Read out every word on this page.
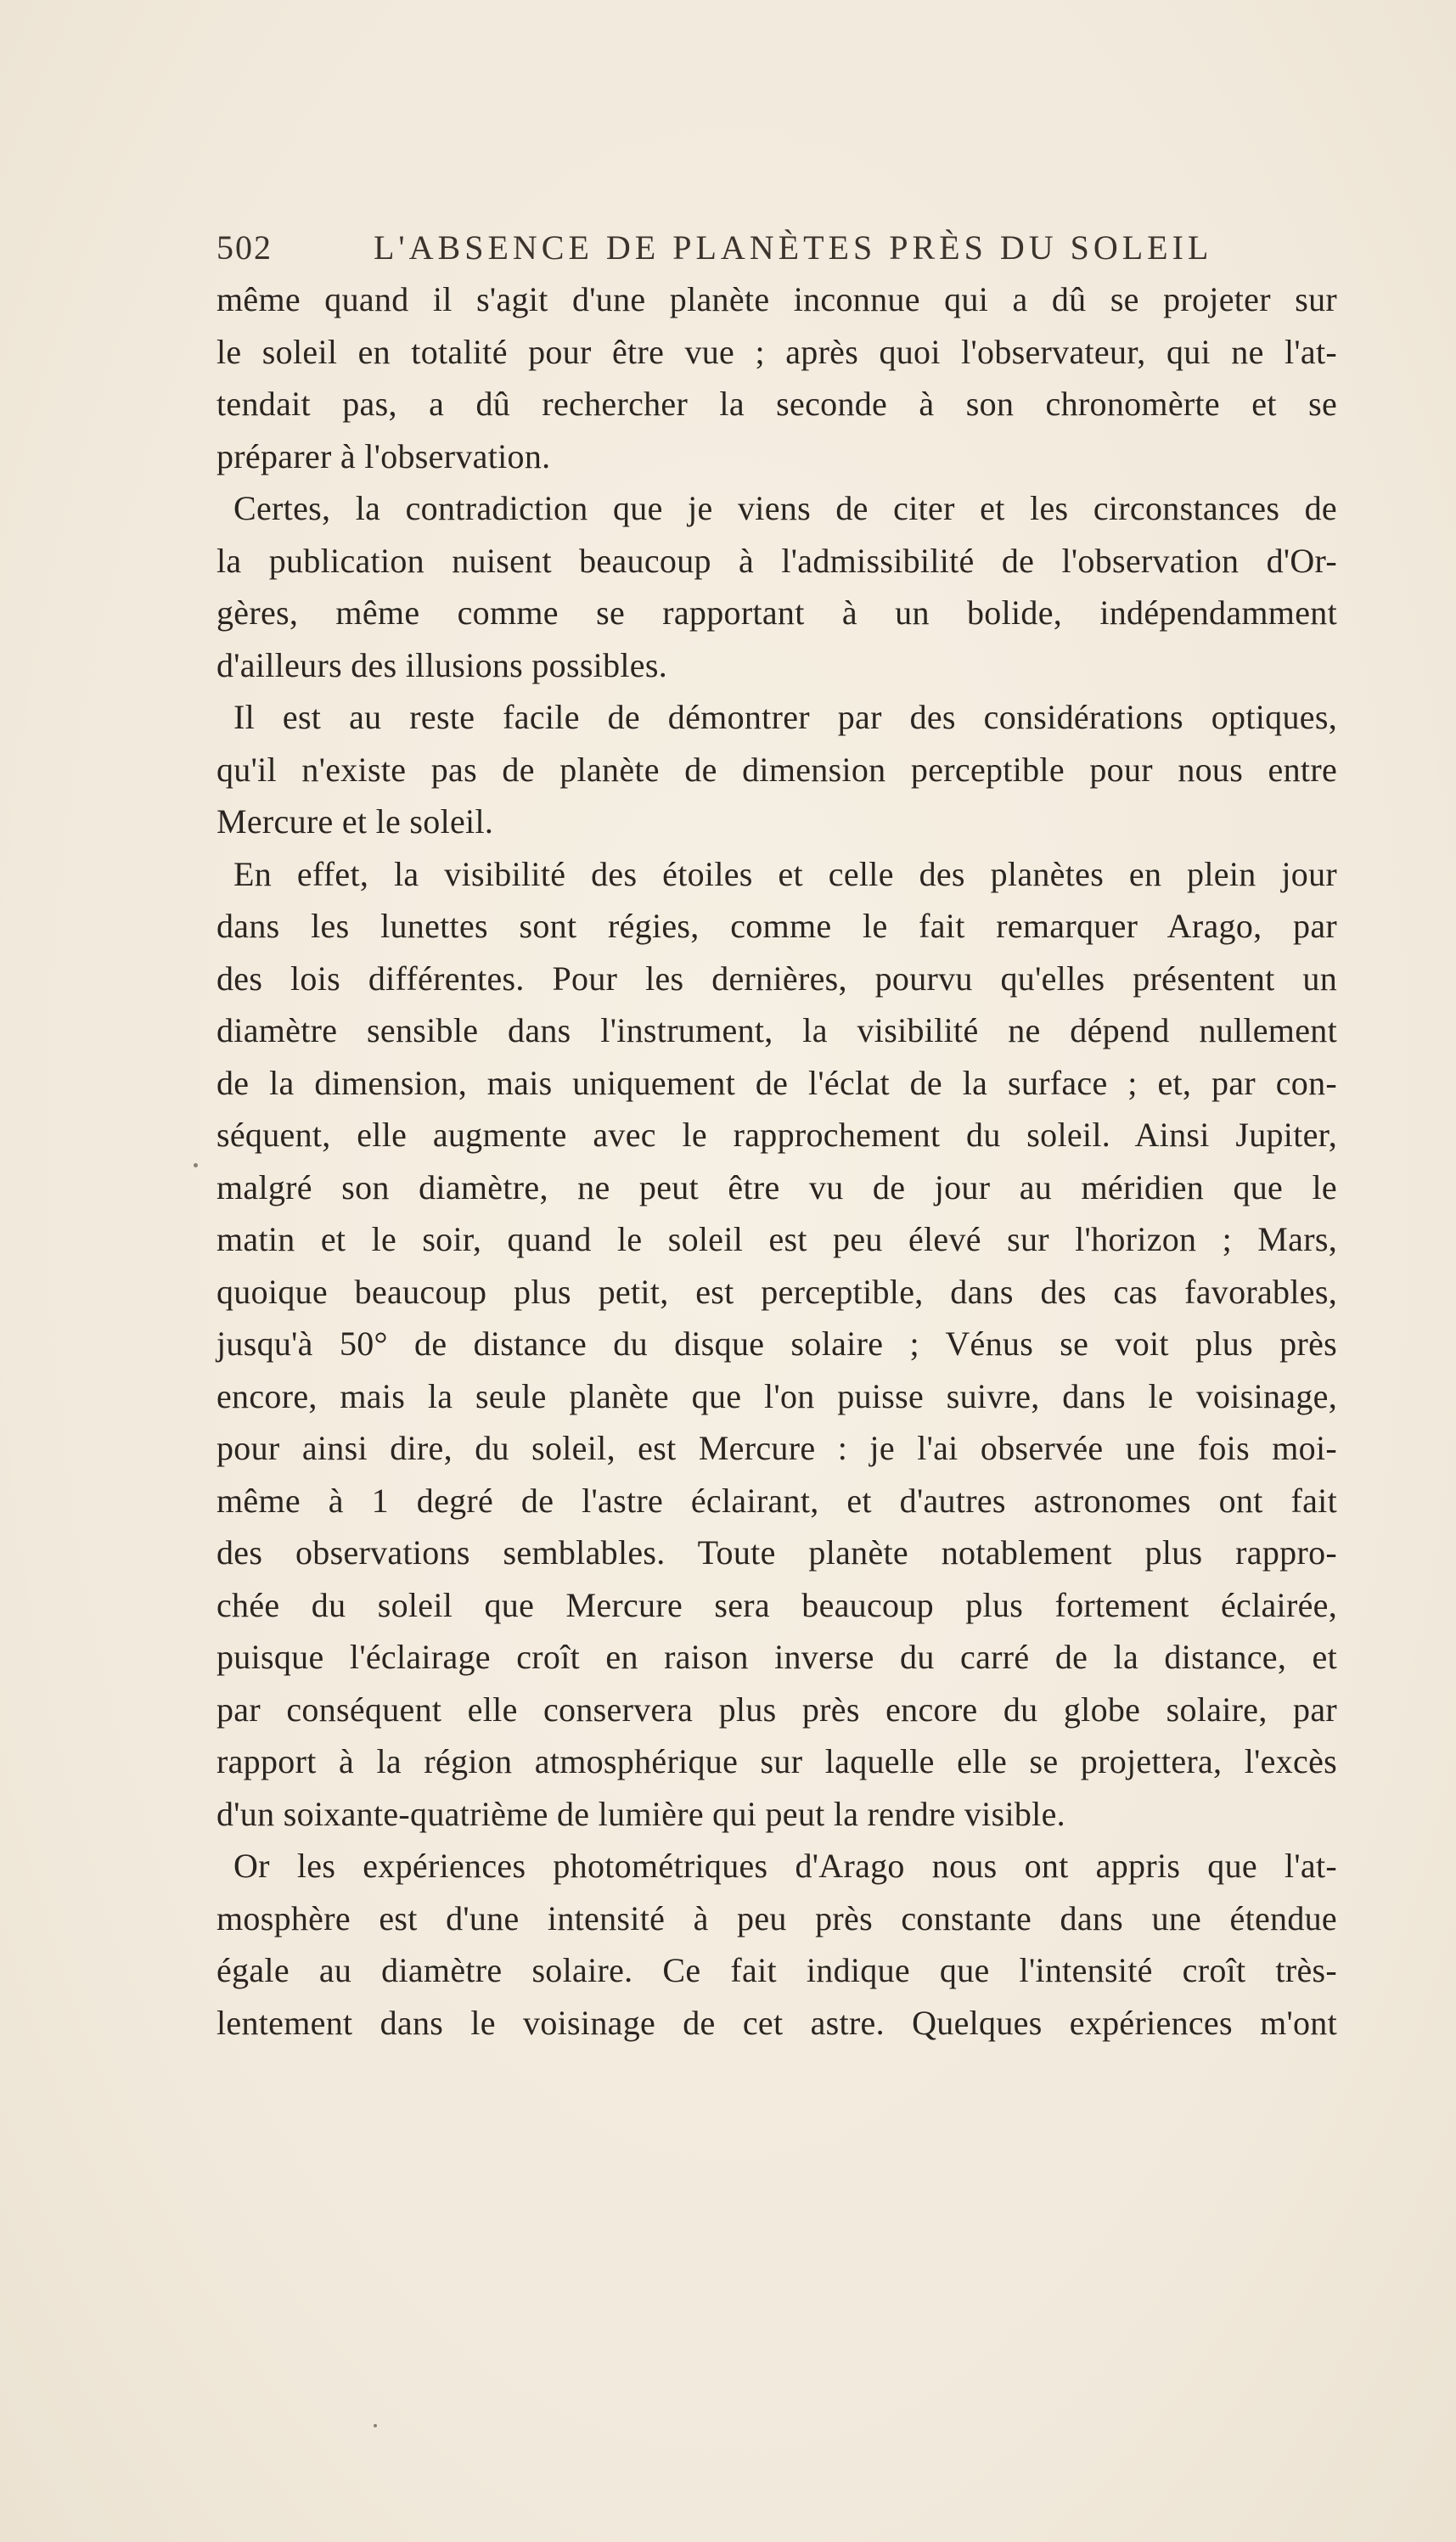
502	L'ABSENCE DE PLANÈTES PRÈS DU SOLEIL
même quand il s'agit d'une planète inconnue qui a dû se projeter sur
le soleil en totalité pour être vue ; après quoi l'observateur, qui ne l'at-
tendait pas, a dû rechercher la seconde à son chronomèrte et se
préparer à l'observation.
Certes, la contradiction que je viens de citer et les circonstances de
la publication nuisent beaucoup à l'admissibilité de l'observation d'Or-
gères, même comme se rapportant à un bolide, indépendamment
d'ailleurs des illusions possibles.
Il est au reste facile de démontrer par des considérations optiques,
qu'il n'existe pas de planète de dimension perceptible pour nous entre
Mercure et le soleil.
En effet, la visibilité des étoiles et celle des planètes en plein jour
dans les lunettes sont régies, comme le fait remarquer Arago, par
des lois différentes. Pour les dernières, pourvu qu'elles présentent un
diamètre sensible dans l'instrument, la visibilité ne dépend nullement
de la dimension, mais uniquement de l'éclat de la surface ; et, par con-
séquent, elle augmente avec le rapprochement du soleil. Ainsi Jupiter,
malgré son diamètre, ne peut être vu de jour au méridien que le
matin et le soir, quand le soleil est peu élevé sur l'horizon ; Mars,
quoique beaucoup plus petit, est perceptible, dans des cas favorables,
jusqu'à 50° de distance du disque solaire ; Vénus se voit plus près
encore, mais la seule planète que l'on puisse suivre, dans le voisinage,
pour ainsi dire, du soleil, est Mercure : je l'ai observée une fois moi-
même à 1 degré de l'astre éclairant, et d'autres astronomes ont fait
des observations semblables. Toute planète notablement plus rappro-
chée du soleil que Mercure sera beaucoup plus fortement éclairée,
puisque l'éclairage croît en raison inverse du carré de la distance, et
par conséquent elle conservera plus près encore du globe solaire, par
rapport à la région atmosphérique sur laquelle elle se projettera, l'excès
d'un soixante-quatrième de lumière qui peut la rendre visible.
Or les expériences photométriques d'Arago nous ont appris que l'at-
mosphère est d'une intensité à peu près constante dans une étendue
égale au diamètre solaire. Ce fait indique que l'intensité croît très-
lentement dans le voisinage de cet astre. Quelques expériences m'ont
